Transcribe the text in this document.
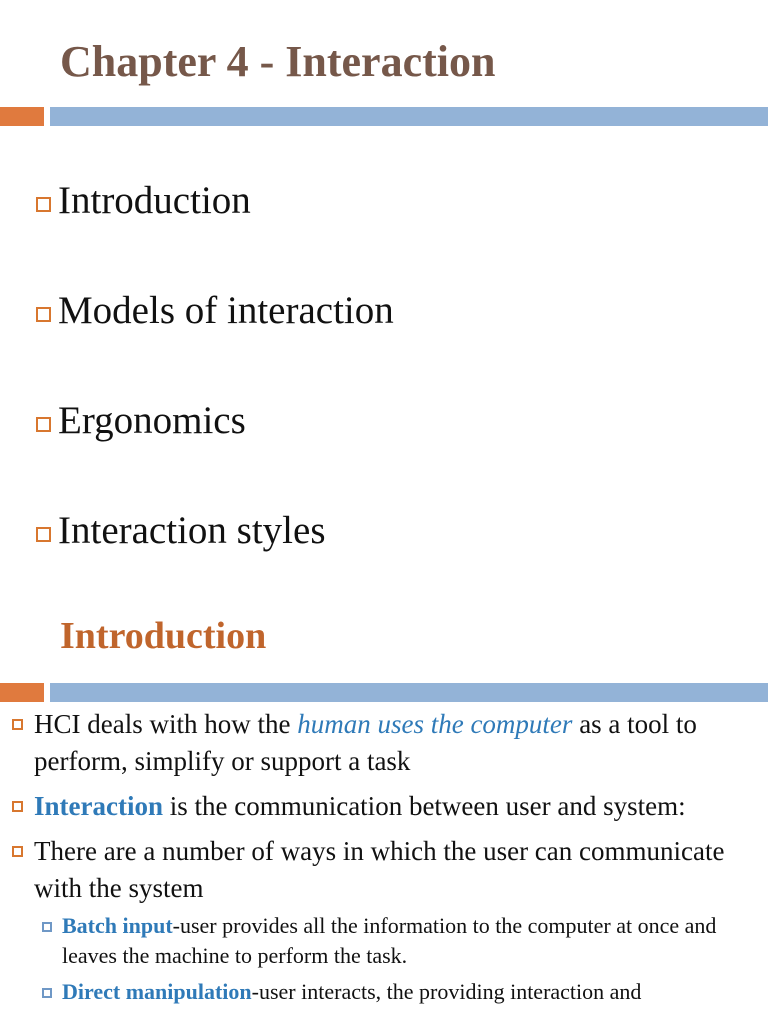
Chapter 4 - Interaction
Introduction
Models of interaction
Ergonomics
Interaction styles
Introduction
HCI deals with how the human uses the computer as a tool to perform, simplify or support a task
Interaction is the communication between user and system:
There are a number of ways in which the user can communicate with the system
Batch input-user provides all the information to the computer at once and leaves the machine to perform the task.
Direct manipulation-user interacts, the providing interaction and
